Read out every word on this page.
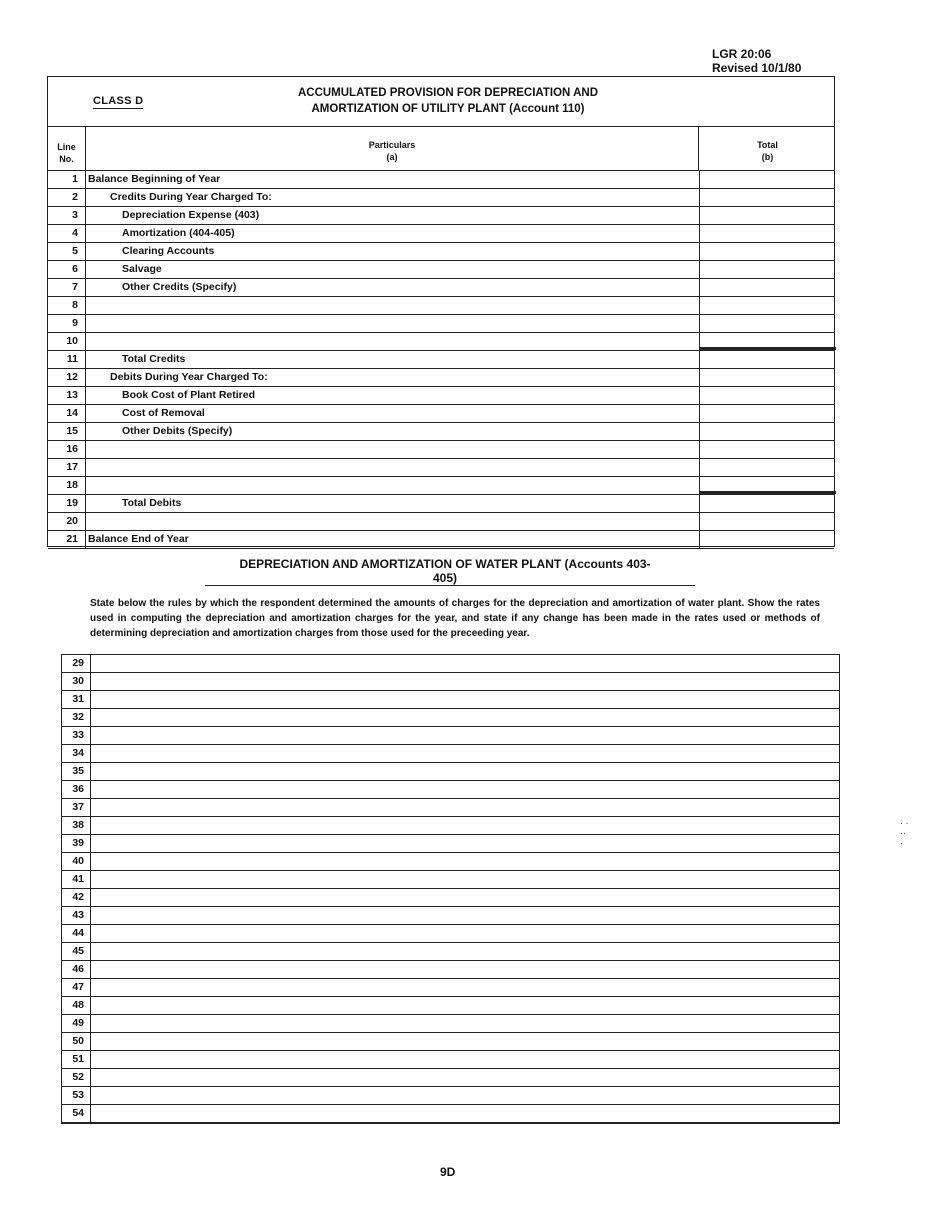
LGR 20:06
Revised 10/1/80
CLASS D
ACCUMULATED PROVISION FOR DEPRECIATION AND
AMORTIZATION OF UTILITY PLANT (Account 110)
Line
No.
Particulars
(a)
Total
(b)
1 Balance Beginning of Year
2	Credits During Year Charged To:
3	Depreciation Expense (403)
4	Amortization (404-405)
5	Clearing Accounts
6	Salvage
7	Other Credits (Specify)
8
9
10
11	Total Credits
12	Debits During Year Charged To:
13	Book Cost of Plant Retired
14	Cost of Removal
15	Other Debits (Specify)
16
17
18
19	Total Debits
20
21 Balance End of Year
DEPRECIATION AND AMORTIZATION OF WATER PLANT (Accounts 403-405)
State below the rules by which the respondent determined the amounts of charges for the depreciation and amortization of water plant. Show the rates used in computing the depreciation and amortization charges for the year, and state if any change has been made in the rates used or methods of determining depreciation and amortization charges from those used for the preceeding year.
29
30
31
32
33
34
35
36
37
38
39
40
41
42
43
44
45
46
47
48
49
50
51
52
53
54
9D
· ·
··
·
